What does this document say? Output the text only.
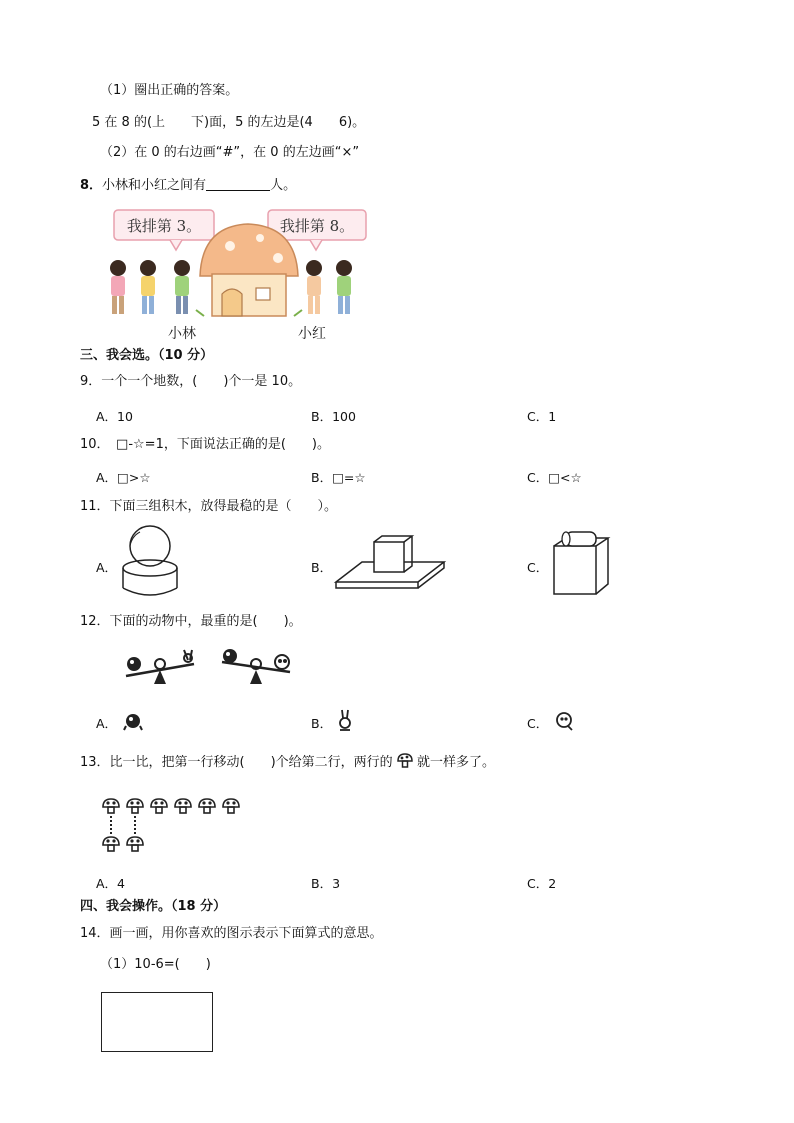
（1）圈出正确的答案。
5 在 8 的(上　　下)面，5 的左边是(4　　6)。
（2）在 0 的右边画“#”，在 0 的左边画“×”
8．小林和小红之间有	人。
我排第 3。	我排第 8。
小林	小红
三、我会选。（10 分）
9．一个一个地数，(　　)个一是 10。
A．10	B．100	C．1
10．　□-☆=1，下面说法正确的是(　　)。
A．□>☆	B．□=☆	C．□<☆
11．下面三组积木，放得最稳的是（　　）。
A．	B．	C．
12．下面的动物中，最重的是(　　)。
A．	B．	C．
13．比一比，把第一行移动(　　)个给第二行，两行的 就一样多了。
A．4	B．3	C．2
四、我会操作。（18 分）
14．画一画，用你喜欢的图示表示下面算式的意思。
（1）10-6=(　　)
